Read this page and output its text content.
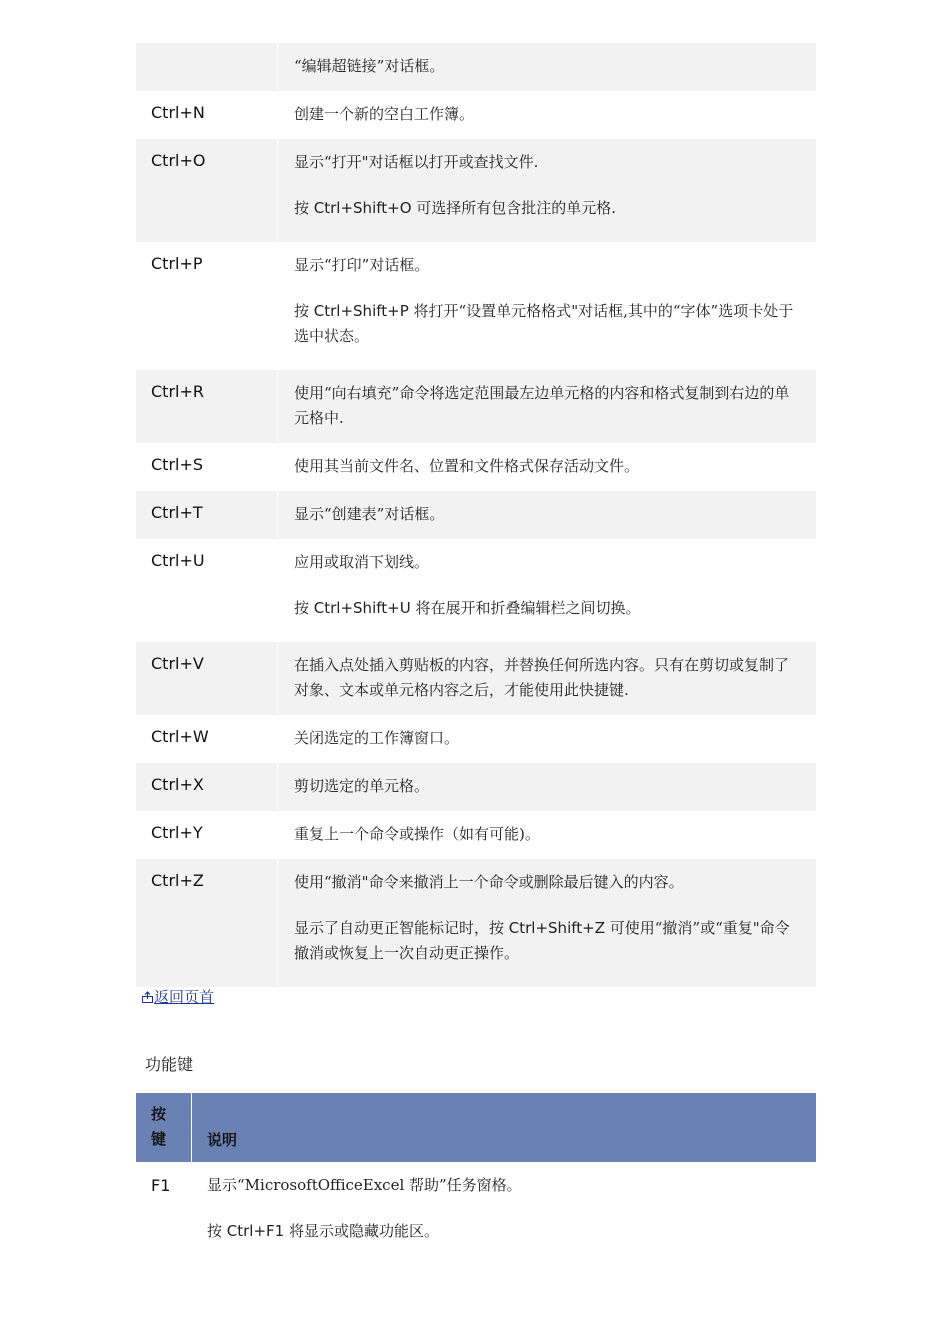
“编辑超链接”对话框。

Ctrl+N	创建一个新的空白工作簿。

Ctrl+O	显示“打开"对话框以打开或查找文件.

按 Ctrl+Shift+O 可选择所有包含批注的单元格.

Ctrl+P	显示“打印”对话框。

按 Ctrl+Shift+P 将打开“设置单元格格式"对话框,其中的“字体”选项卡处于选中状态。

Ctrl+R	使用“向右填充”命令将选定范围最左边单元格的内容和格式复制到右边的单元格中.

Ctrl+S	使用其当前文件名、位置和文件格式保存活动文件。

Ctrl+T	显示“创建表”对话框。

Ctrl+U	应用或取消下划线。

按 Ctrl+Shift+U 将在展开和折叠编辑栏之间切换。

Ctrl+V	在插入点处插入剪贴板的内容，并替换任何所选内容。只有在剪切或复制了对象、文本或单元格内容之后，才能使用此快捷键.

Ctrl+W	关闭选定的工作簿窗口。

Ctrl+X	剪切选定的单元格。

Ctrl+Y	重复上一个命令或操作（如有可能)。

Ctrl+Z	使用“撤消"命令来撤消上一个命令或删除最后键入的内容。

显示了自动更正智能标记时，按 Ctrl+Shift+Z 可使用“撤消”或“重复"命令撤消或恢复上一次自动更正操作。

返回页首
功能键
按
键	说明
F1	显示“MicrosoftOfficeExcel 帮助”任务窗格。

按 Ctrl+F1 将显示或隐藏功能区。
